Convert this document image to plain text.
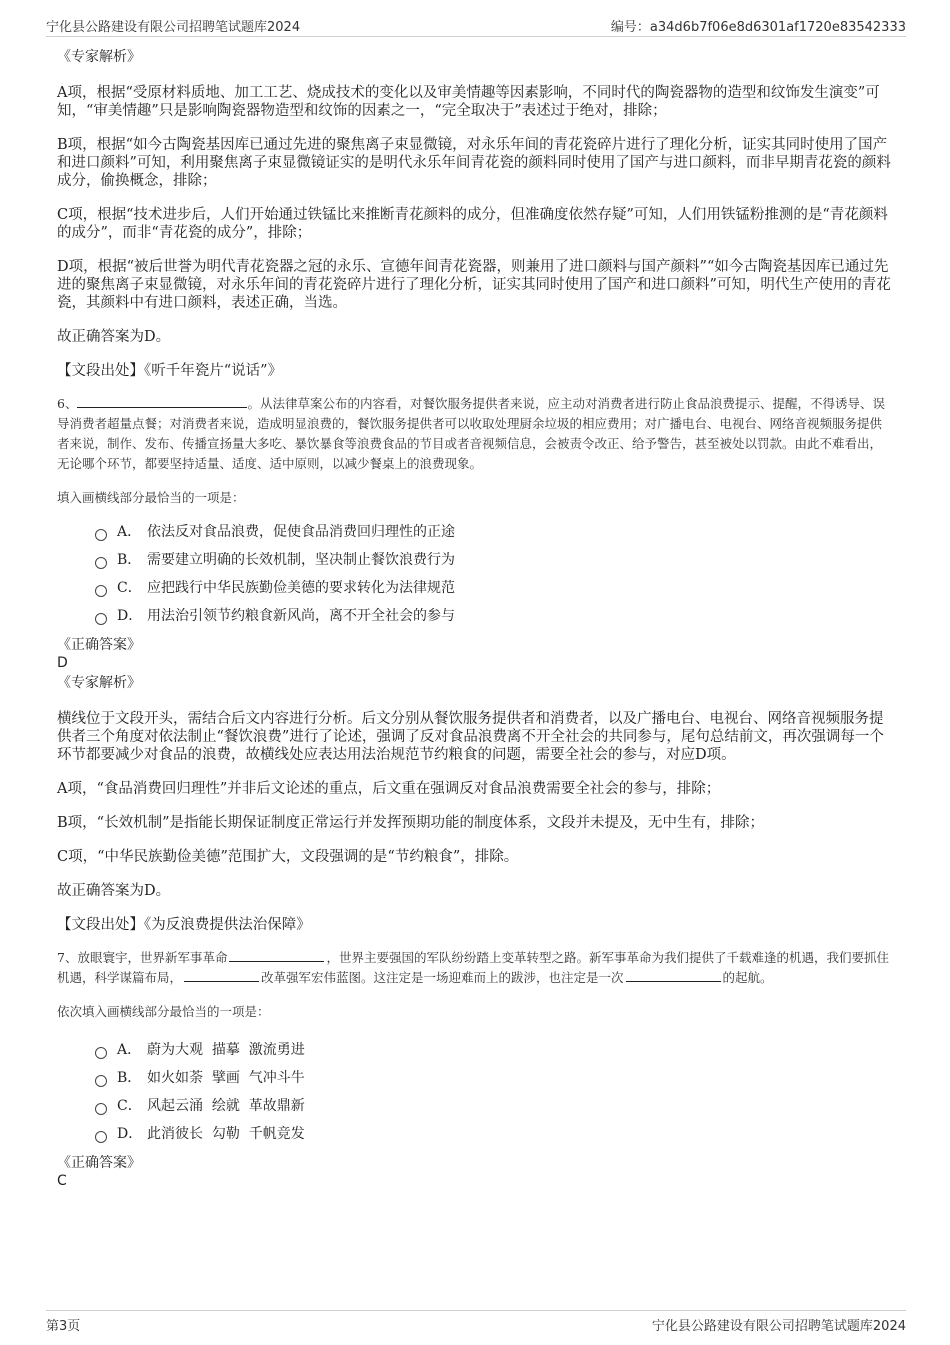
宁化县公路建设有限公司招聘笔试题库2024	编号：a34d6b7f06e8d6301af1720e83542333

《专家解析》

A项，根据“受原材料质地、加工工艺、烧成技术的变化以及审美情趣等因素影响，不同时代的陶瓷器物的造型和纹饰发生演变”可知，“审美情趣”只是影响陶瓷器物造型和纹饰的因素之一，“完全取决于”表述过于绝对，排除；

B项，根据“如今古陶瓷基因库已通过先进的聚焦离子束显微镜，对永乐年间的青花瓷碎片进行了理化分析，证实其同时使用了国产和进口颜料”可知，利用聚焦离子束显微镜证实的是明代永乐年间青花瓷的颜料同时使用了国产与进口颜料，而非早期青花瓷的颜料成分，偷换概念，排除；

C项，根据“技术进步后，人们开始通过铁锰比来推断青花颜料的成分，但准确度依然存疑”可知，人们用铁锰粉推测的是“青花颜料的成分”，而非“青花瓷的成分”，排除；

D项，根据“被后世誉为明代青花瓷器之冠的永乐、宣德年间青花瓷器，则兼用了进口颜料与国产颜料”“如今古陶瓷基因库已通过先进的聚焦离子束显微镜，对永乐年间的青花瓷碎片进行了理化分析，证实其同时使用了国产和进口颜料”可知，明代生产使用的青花瓷，其颜料中有进口颜料，表述正确，当选。

故正确答案为D。

【文段出处】《听千年瓷片“说话”》

6、	。从法律草案公布的内容看，对餐饮服务提供者来说，应主动对消费者进行防止食品浪费提示、提醒，不得诱导、误导消费者超量点餐；对消费者来说，造成明显浪费的，餐饮服务提供者可以收取处理厨余垃圾的相应费用；对广播电台、电视台、网络音视频服务提供者来说，制作、发布、传播宣扬量大多吃、暴饮暴食等浪费食品的节目或者音视频信息，会被责令改正、给予警告，甚至被处以罚款。由此不难看出，无论哪个环节，都要坚持适量、适度、适中原则，以减少餐桌上的浪费现象。

填入画横线部分最恰当的一项是：

A． 依法反对食品浪费，促使食品消费回归理性的正途
B． 需要建立明确的长效机制，坚决制止餐饮浪费行为
C． 应把践行中华民族勤俭美德的要求转化为法律规范
D． 用法治引领节约粮食新风尚，离不开全社会的参与

《正确答案》

D

《专家解析》

横线位于文段开头，需结合后文内容进行分析。后文分别从餐饮服务提供者和消费者，以及广播电台、电视台、网络音视频服务提供者三个角度对依法制止“餐饮浪费”进行了论述，强调了反对食品浪费离不开全社会的共同参与，尾句总结前文，再次强调每一个环节都要减少对食品的浪费，故横线处应表达用法治规范节约粮食的问题，需要全社会的参与，对应D项。

A项，“食品消费回归理性”并非后文论述的重点，后文重在强调反对食品浪费需要全社会的参与，排除；

B项，“长效机制”是指能长期保证制度正常运行并发挥预期功能的制度体系，文段并未提及，无中生有，排除；

C项，“中华民族勤俭美德”范围扩大，文段强调的是“节约粮食”，排除。

故正确答案为D。

【文段出处】《为反浪费提供法治保障》

7、放眼寰宇，世界新军事革命	，世界主要强国的军队纷纷踏上变革转型之路。新军事革命为我们提供了千载难逢的机遇，我们要抓住机遇，科学谋篇布局，	改革强军宏伟蓝图。这注定是一场迎难而上的跋涉，也注定是一次	的起航。

依次填入画横线部分最恰当的一项是：

A． 蔚为大观  描摹  激流勇进
B． 如火如荼  擘画  气冲斗牛
C． 风起云涌  绘就  革故鼎新
D． 此消彼长  勾勒  千帆竞发

《正确答案》

C

第3页	宁化县公路建设有限公司招聘笔试题库2024
